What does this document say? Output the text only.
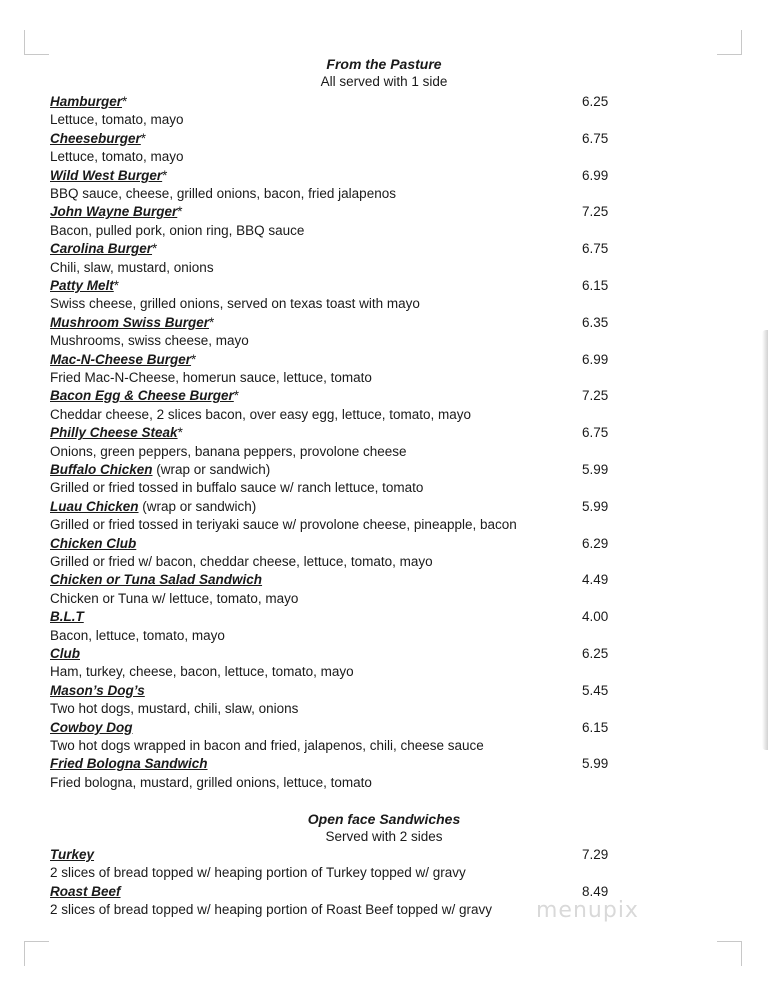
From the Pasture
All served with 1 side
Hamburger*
Lettuce, tomato, mayo
6.25
Cheeseburger*
Lettuce, tomato, mayo
6.75
Wild West Burger*
BBQ sauce, cheese, grilled onions, bacon, fried jalapenos
6.99
John Wayne Burger*
Bacon, pulled pork, onion ring, BBQ sauce
7.25
Carolina Burger*
Chili, slaw, mustard, onions
6.75
Patty Melt*
Swiss cheese, grilled onions, served on texas toast with mayo
6.15
Mushroom Swiss Burger*
Mushrooms, swiss cheese, mayo
6.35
Mac-N-Cheese Burger*
Fried Mac-N-Cheese, homerun sauce, lettuce, tomato
6.99
Bacon Egg & Cheese Burger*
Cheddar cheese, 2 slices bacon, over easy egg, lettuce, tomato, mayo
7.25
Philly Cheese Steak*
Onions, green peppers, banana peppers, provolone cheese
6.75
Buffalo Chicken (wrap or sandwich)
Grilled or fried tossed in buffalo sauce w/ ranch lettuce, tomato
5.99
Luau Chicken (wrap or sandwich)
Grilled or fried tossed in teriyaki sauce w/ provolone cheese, pineapple, bacon
5.99
Chicken Club
Grilled or fried w/ bacon, cheddar cheese, lettuce, tomato, mayo
6.29
Chicken or Tuna Salad Sandwich
Chicken or Tuna w/ lettuce, tomato, mayo
4.49
B.L.T
Bacon, lettuce, tomato, mayo
4.00
Club
Ham, turkey, cheese, bacon, lettuce, tomato, mayo
6.25
Mason’s Dog’s
Two hot dogs, mustard, chili, slaw, onions
5.45
Cowboy Dog
Two hot dogs wrapped in bacon and fried, jalapenos, chili, cheese sauce
6.15
Fried Bologna Sandwich
Fried bologna, mustard, grilled onions, lettuce, tomato
5.99
Open face Sandwiches
Served with 2 sides
Turkey
2 slices of bread topped w/ heaping portion of Turkey topped w/ gravy
7.29
Roast Beef
2 slices of bread topped w/ heaping portion of Roast Beef topped w/ gravy
8.49
menupix
